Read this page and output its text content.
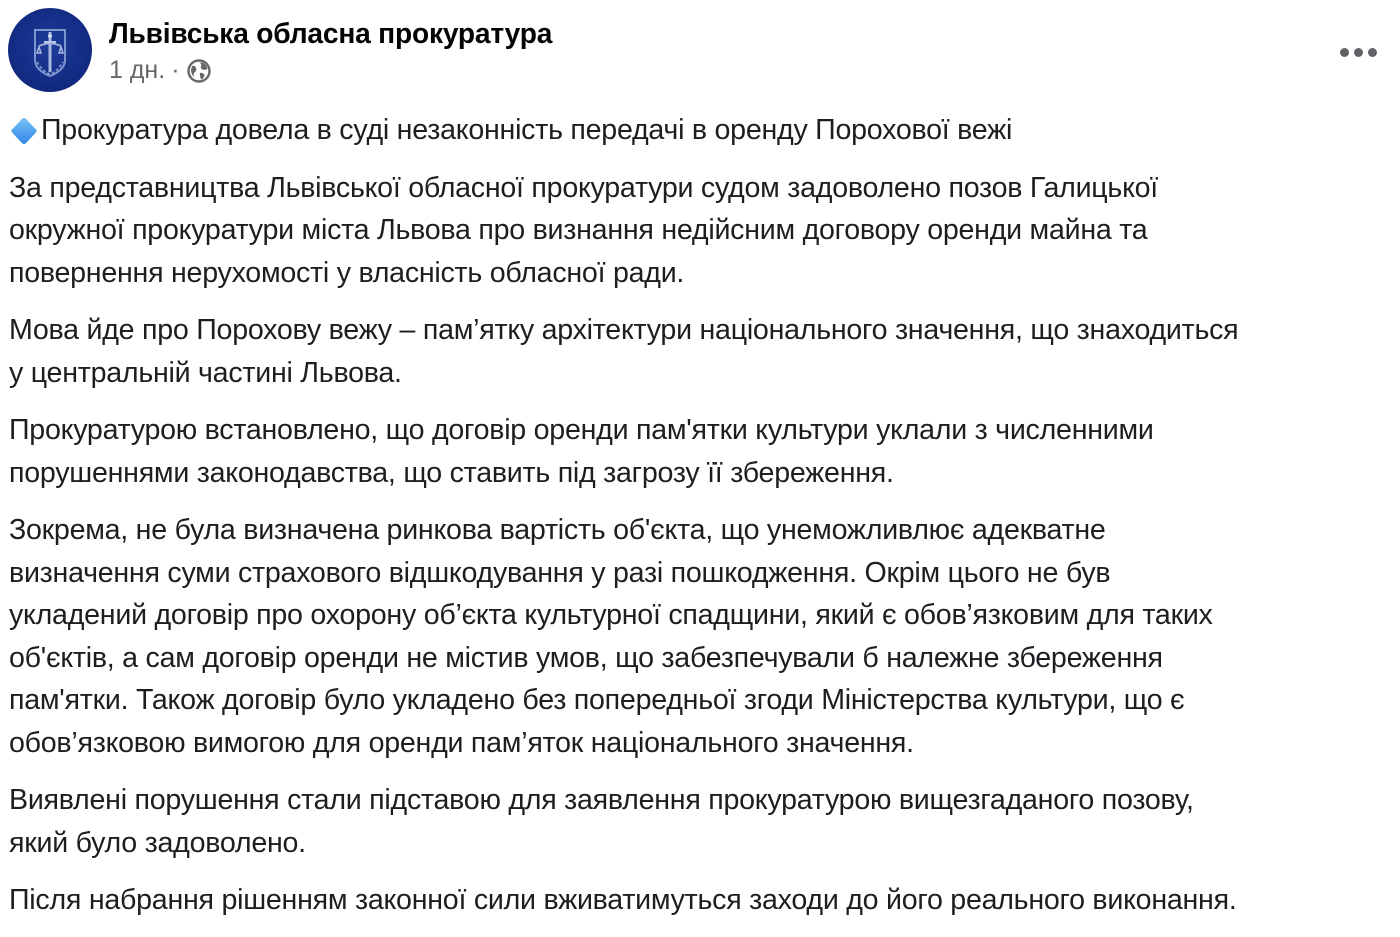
Львівська обласна прокуратура
1 дн. ·
Прокуратура довела в суді незаконність передачі в оренду Порохової вежі
За представництва Львівської обласної прокуратури судом задоволено позов Галицької
окружної прокуратури міста Львова про визнання недійсним договору оренди майна та
повернення нерухомості у власність обласної ради.
Мова йде про Порохову вежу – пам’ятку архітектури національного значення, що знаходиться
у центральній частині Львова.
Прокуратурою встановлено, що договір оренди пам'ятки культури уклали з численними
порушеннями законодавства, що ставить під загрозу її збереження.
Зокрема, не була визначена ринкова вартість об'єкта, що унеможливлює адекватне
визначення суми страхового відшкодування у разі пошкодження. Окрім цього не був
укладений договір про охорону об’єкта культурної спадщини, який є обов’язковим для таких
об'єктів, а сам договір оренди не містив умов, що забезпечували б належне збереження
пам'ятки. Також договір було укладено без попередньої згоди Міністерства культури, що є
обов’язковою вимогою для оренди пам’яток національного значення.
Виявлені порушення стали підставою для заявлення прокуратурою вищезгаданого позову,
який було задоволено.
Після набрання рішенням законної сили вживатимуться заходи до його реального виконання.
